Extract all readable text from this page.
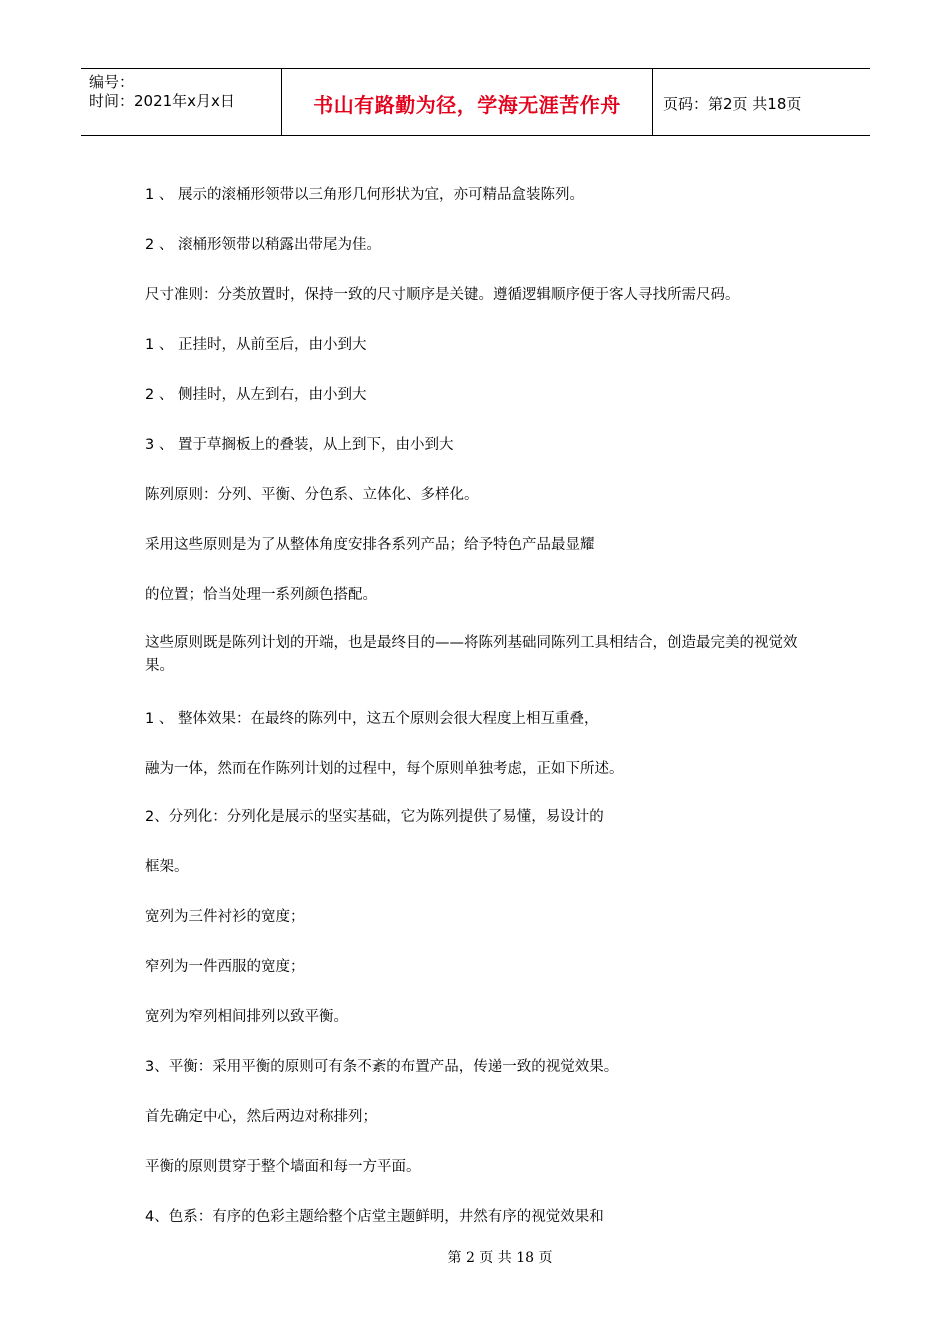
编号：
时间：2021年x月x日	书山有路勤为径，学海无涯苦作舟	页码：第2页 共18页
1 、 展示的滚桶形领带以三角形几何形状为宜，亦可精品盒装陈列。
2 、 滚桶形领带以稍露出带尾为佳。
尺寸准则：分类放置时，保持一致的尺寸顺序是关键。遵循逻辑顺序便于客人寻找所需尺码。
1 、 正挂时，从前至后，由小到大
2 、 侧挂时，从左到右，由小到大
3 、 置于草搁板上的叠装，从上到下，由小到大
陈列原则：分列、平衡、分色系、立体化、多样化。
采用这些原则是为了从整体角度安排各系列产品；给予特色产品最显耀
的位置；恰当处理一系列颜色搭配。
这些原则既是陈列计划的开端，也是最终目的——将陈列基础同陈列工具相结合，创造最完美的视觉效果。
1 、 整体效果：在最终的陈列中，这五个原则会很大程度上相互重叠，
融为一体，然而在作陈列计划的过程中，每个原则单独考虑，正如下所述。
2、分列化：分列化是展示的坚实基础，它为陈列提供了易懂，易设计的
框架。
宽列为三件衬衫的宽度；
窄列为一件西服的宽度；
宽列为窄列相间排列以致平衡。
3、平衡：采用平衡的原则可有条不紊的布置产品，传递一致的视觉效果。
首先确定中心，然后两边对称排列；
平衡的原则贯穿于整个墙面和每一方平面。
4、色系：有序的色彩主题给整个店堂主题鲜明，井然有序的视觉效果和
第 2 页 共 18 页
